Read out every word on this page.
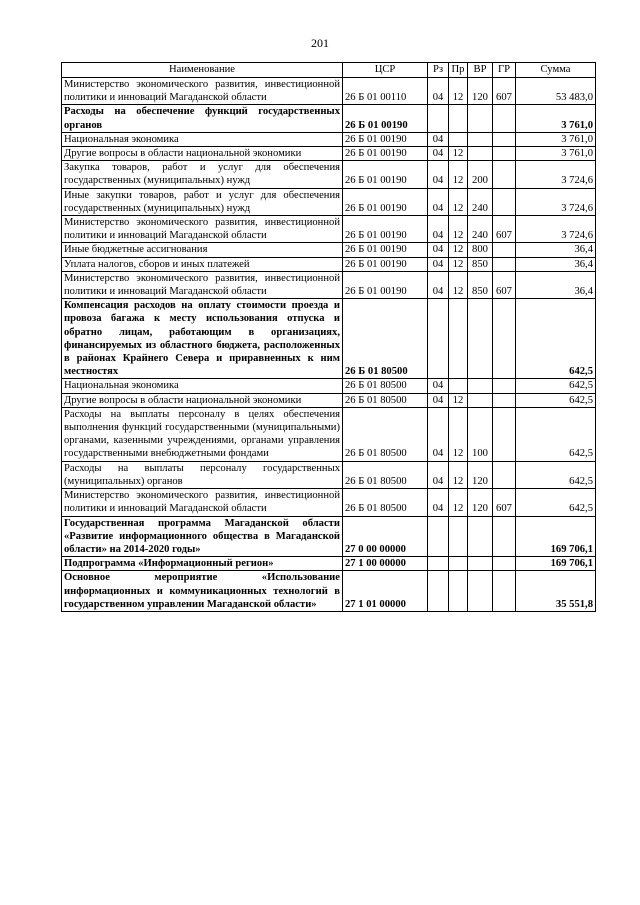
201
Наименование	ЦСР	Рз	Пр	ВР	ГР	Сумма
Министерство экономического развития, инвестиционной политики и инноваций Магаданской области	26 Б 01 00110	04	12	120	607	53 483,0
Расходы на обеспечение функций государственных органов	26 Б 01 00190					3 761,0
Национальная экономика	26 Б 01 00190	04				3 761,0
Другие вопросы в области национальной экономики	26 Б 01 00190	04	12			3 761,0
Закупка товаров, работ и услуг для обеспечения государственных (муниципальных) нужд	26 Б 01 00190	04	12	200		3 724,6
Иные закупки товаров, работ и услуг для обеспечения государственных (муниципальных) нужд	26 Б 01 00190	04	12	240		3 724,6
Министерство экономического развития, инвестиционной политики и инноваций Магаданской области	26 Б 01 00190	04	12	240	607	3 724,6
Иные бюджетные ассигнования	26 Б 01 00190	04	12	800		36,4
Уплата налогов, сборов и иных платежей	26 Б 01 00190	04	12	850		36,4
Министерство экономического развития, инвестиционной политики и инноваций Магаданской области	26 Б 01 00190	04	12	850	607	36,4
Компенсация расходов на оплату стоимости проезда и провоза багажа к месту использования отпуска и обратно лицам, работающим в организациях, финансируемых из областного бюджета, расположенных в районах Крайнего Севера и приравненных к ним местностях	26 Б 01 80500					642,5
Национальная экономика	26 Б 01 80500	04				642,5
Другие вопросы в области национальной экономики	26 Б 01 80500	04	12			642,5
Расходы на выплаты персоналу в целях обеспечения выполнения функций государственными (муниципальными) органами, казенными учреждениями, органами управления государственными внебюджетными фондами	26 Б 01 80500	04	12	100		642,5
Расходы на выплаты персоналу государственных (муниципальных) органов	26 Б 01 80500	04	12	120		642,5
Министерство экономического развития, инвестиционной политики и инноваций Магаданской области	26 Б 01 80500	04	12	120	607	642,5
Государственная программа Магаданской области «Развитие информационного общества в Магаданской области» на 2014-2020 годы»	27 0 00 00000					169 706,1
Подпрограмма «Информационный регион»	27 1 00 00000					169 706,1
Основное мероприятие «Использование информационных и коммуникационных технологий в государственном управлении Магаданской области»	27 1 01 00000					35 551,8
